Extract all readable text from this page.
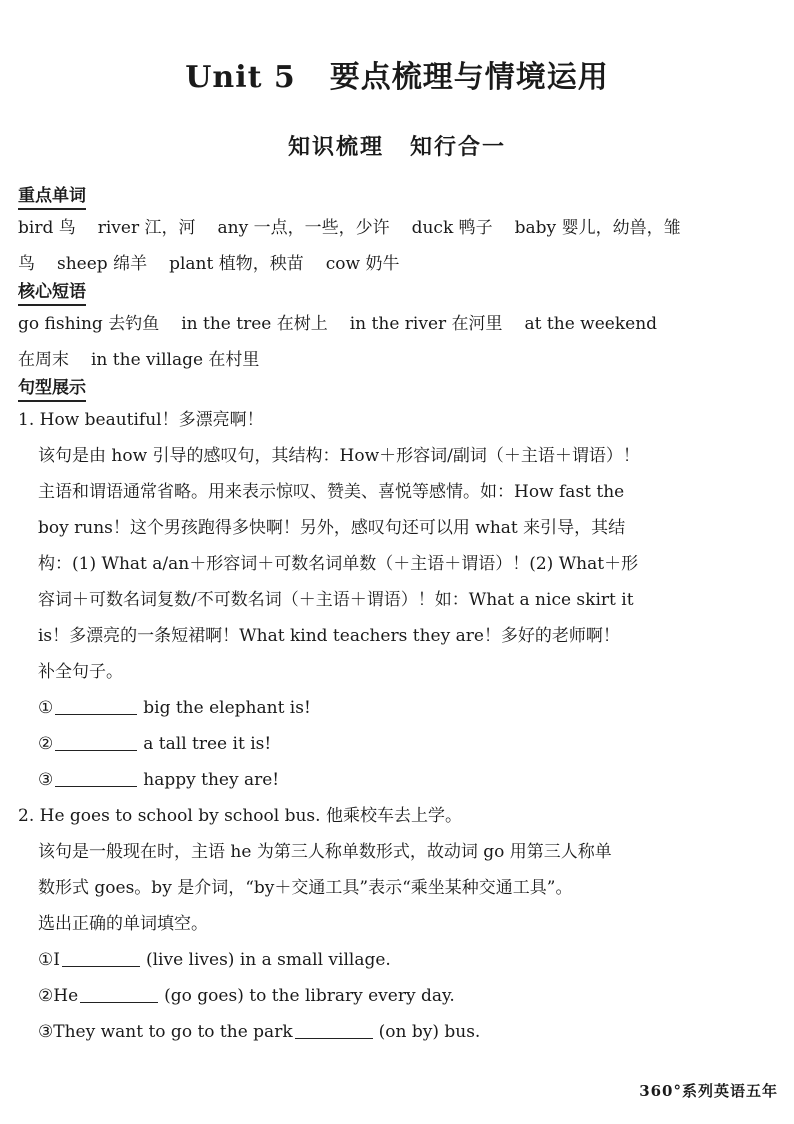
Unit 5 要点梳理与情境运用
知识梳理 知行合一
重点单词
bird 鸟 river 江，河 any 一点，一些，少许 duck 鸭子 baby 婴儿，幼兽，雏
鸟 sheep 绵羊 plant 植物，秧苗 cow 奶牛
核心短语
go fishing 去钓鱼 in the tree 在树上 in the river 在河里 at the weekend
在周末 in the village 在村里
句型展示
1. How beautiful！多漂亮啊！
该句是由 how 引导的感叹句，其结构：How＋形容词/副词（＋主语＋谓语）！
主语和谓语通常省略。用来表示惊叹、赞美、喜悦等感情。如：How fast the
boy runs！这个男孩跑得多快啊！另外，感叹句还可以用 what 来引导，其结
构：(1) What a/an＋形容词＋可数名词单数（＋主语＋谓语）！(2) What＋形
容词＋可数名词复数/不可数名词（＋主语＋谓语）！如：What a nice skirt it
is！多漂亮的一条短裙啊！What kind teachers they are！多好的老师啊！
补全句子。
①	big the elephant is!
②	a tall tree it is!
③	happy they are!
2. He goes to school by school bus. 他乘校车去上学。
该句是一般现在时，主语 he 为第三人称单数形式，故动词 go 用第三人称单
数形式 goes。by 是介词，“by＋交通工具”表示“乘坐某种交通工具”。
选出正确的单词填空。
①I	(live lives) in a small village.
②He	(go goes) to the library every day.
③They want to go to the park	(on by) bus.
360°系列英语五年
